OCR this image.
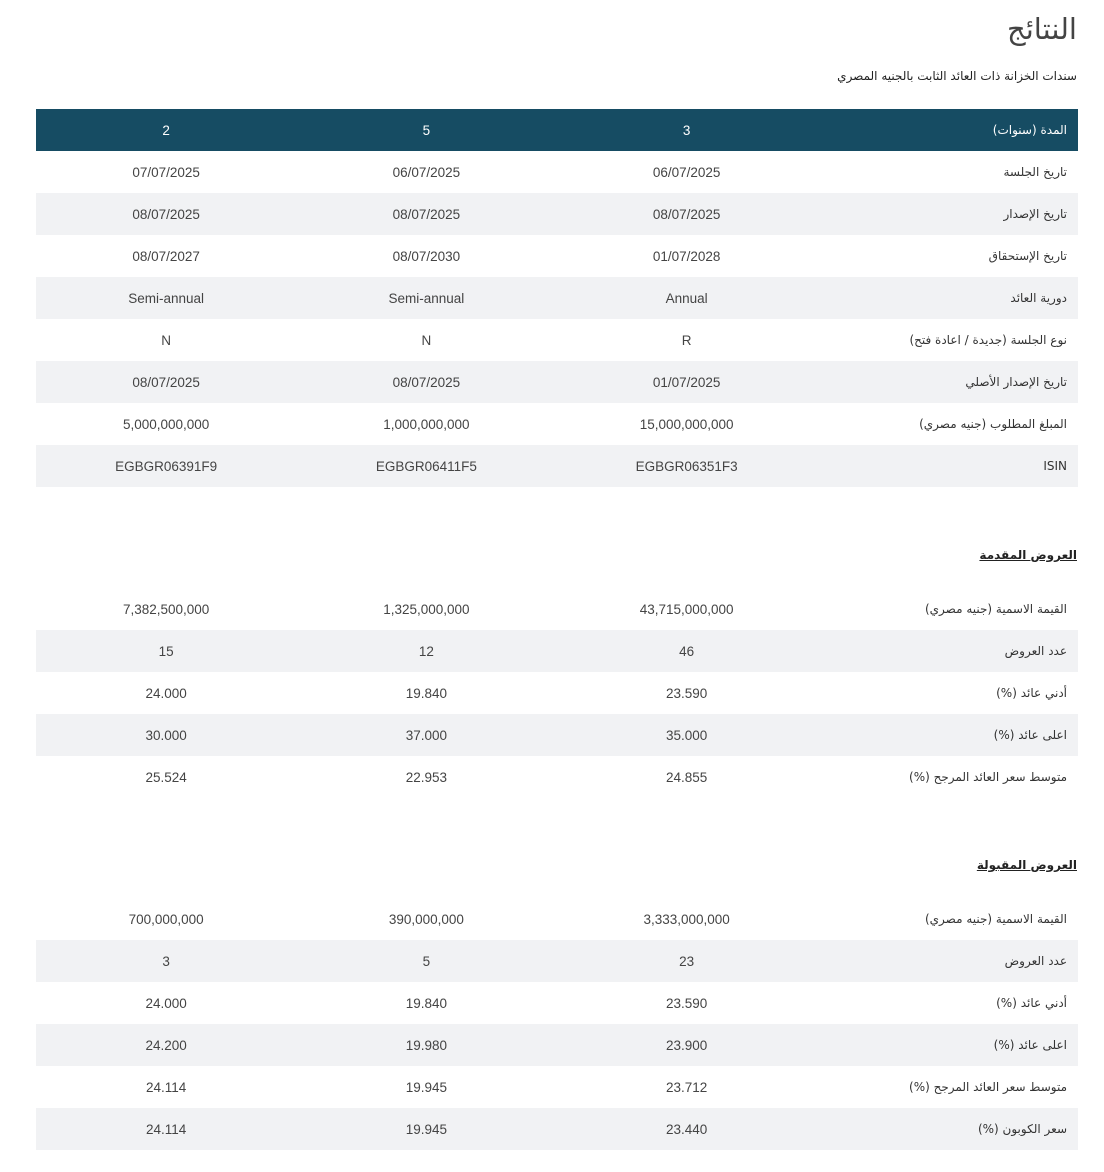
النتائج
سندات الخزانة ذات العائد الثابت بالجنيه المصري
المدة (سنوات)	3	5	2
تاريخ الجلسة	06/07/2025	06/07/2025	07/07/2025
تاريخ الإصدار	08/07/2025	08/07/2025	08/07/2025
تاريخ الإستحقاق	01/07/2028	08/07/2030	08/07/2027
دورية العائد	Annual	Semi-annual	Semi-annual
نوع الجلسة (جديدة / اعادة فتح)	R	N	N
تاريخ الإصدار الأصلي	01/07/2025	08/07/2025	08/07/2025
المبلغ المطلوب (جنيه مصري)	15,000,000,000	1,000,000,000	5,000,000,000
ISIN	EGBGR06351F3	EGBGR06411F5	EGBGR06391F9
العروض المقدمة
القيمة الاسمية (جنيه مصري)	43,715,000,000	1,325,000,000	7,382,500,000
عدد العروض	46	12	15
أدني عائد (%)	23.590	19.840	24.000
اعلى عائد (%)	35.000	37.000	30.000
متوسط سعر العائد المرجح (%)	24.855	22.953	25.524
العروض المقبولة
القيمة الاسمية (جنيه مصري)	3,333,000,000	390,000,000	700,000,000
عدد العروض	23	5	3
أدني عائد (%)	23.590	19.840	24.000
اعلى عائد (%)	23.900	19.980	24.200
متوسط سعر العائد المرجح (%)	23.712	19.945	24.114
سعر الكوبون (%)	23.440	19.945	24.114
